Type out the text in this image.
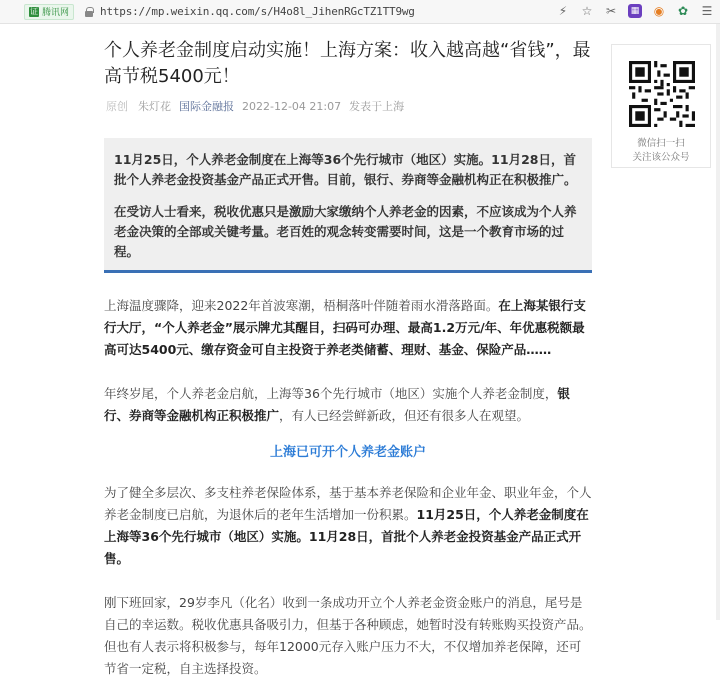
证 腾讯网	https://mp.weixin.qq.com/s/H4o8l_JihenRGcTZ1TT9wg	⚡ ☆ ✂	▦ ◉ ✿ ☰
个人养老金制度启动实施！上海方案：收入越高越“省钱”，最高节税5400元！
原创 朱灯花 国际金融报 2022-12-04 21:07 发表于上海

11月25日，个人养老金制度在上海等36个先行城市（地区）实施。11月28日，首批个人养老金投资基金产品正式开售。目前，银行、券商等金融机构正在积极推广。

在受访人士看来，税收优惠只是激励大家缴纳个人养老金的因素，不应该成为个人养老金决策的全部或关键考量。老百姓的观念转变需要时间，这是一个教育市场的过程。

上海温度骤降，迎来2022年首波寒潮，梧桐落叶伴随着雨水滑落路面。在上海某银行支行大厅，“个人养老金”展示牌尤其醒目，扫码可办理、最高1.2万元/年、年优惠税额最高可达5400元、缴存资金可自主投资于养老类储蓄、理财、基金、保险产品……

年终岁尾，个人养老金启航，上海等36个先行城市（地区）实施个人养老金制度，银行、券商等金融机构正积极推广，有人已经尝鲜新政，但还有很多人在观望。

上海已可开个人养老金账户

为了健全多层次、多支柱养老保险体系，基于基本养老保险和企业年金、职业年金，个人养老金制度已启航，为退休后的老年生活增加一份积累。11月25日，个人养老金制度在上海等36个先行城市（地区）实施。11月28日，首批个人养老金投资基金产品正式开售。

刚下班回家，29岁李凡（化名）收到一条成功开立个人养老金资金账户的消息，尾号是自己的幸运数。税收优惠具备吸引力，但基于各种顾虑，她暂时没有转账购买投资产品。但也有人表示将积极参与，每年12000元存入账户压力不大，不仅增加养老保障，还可节省一定税，自主选择投资。

微信扫一扫
关注该公众号
